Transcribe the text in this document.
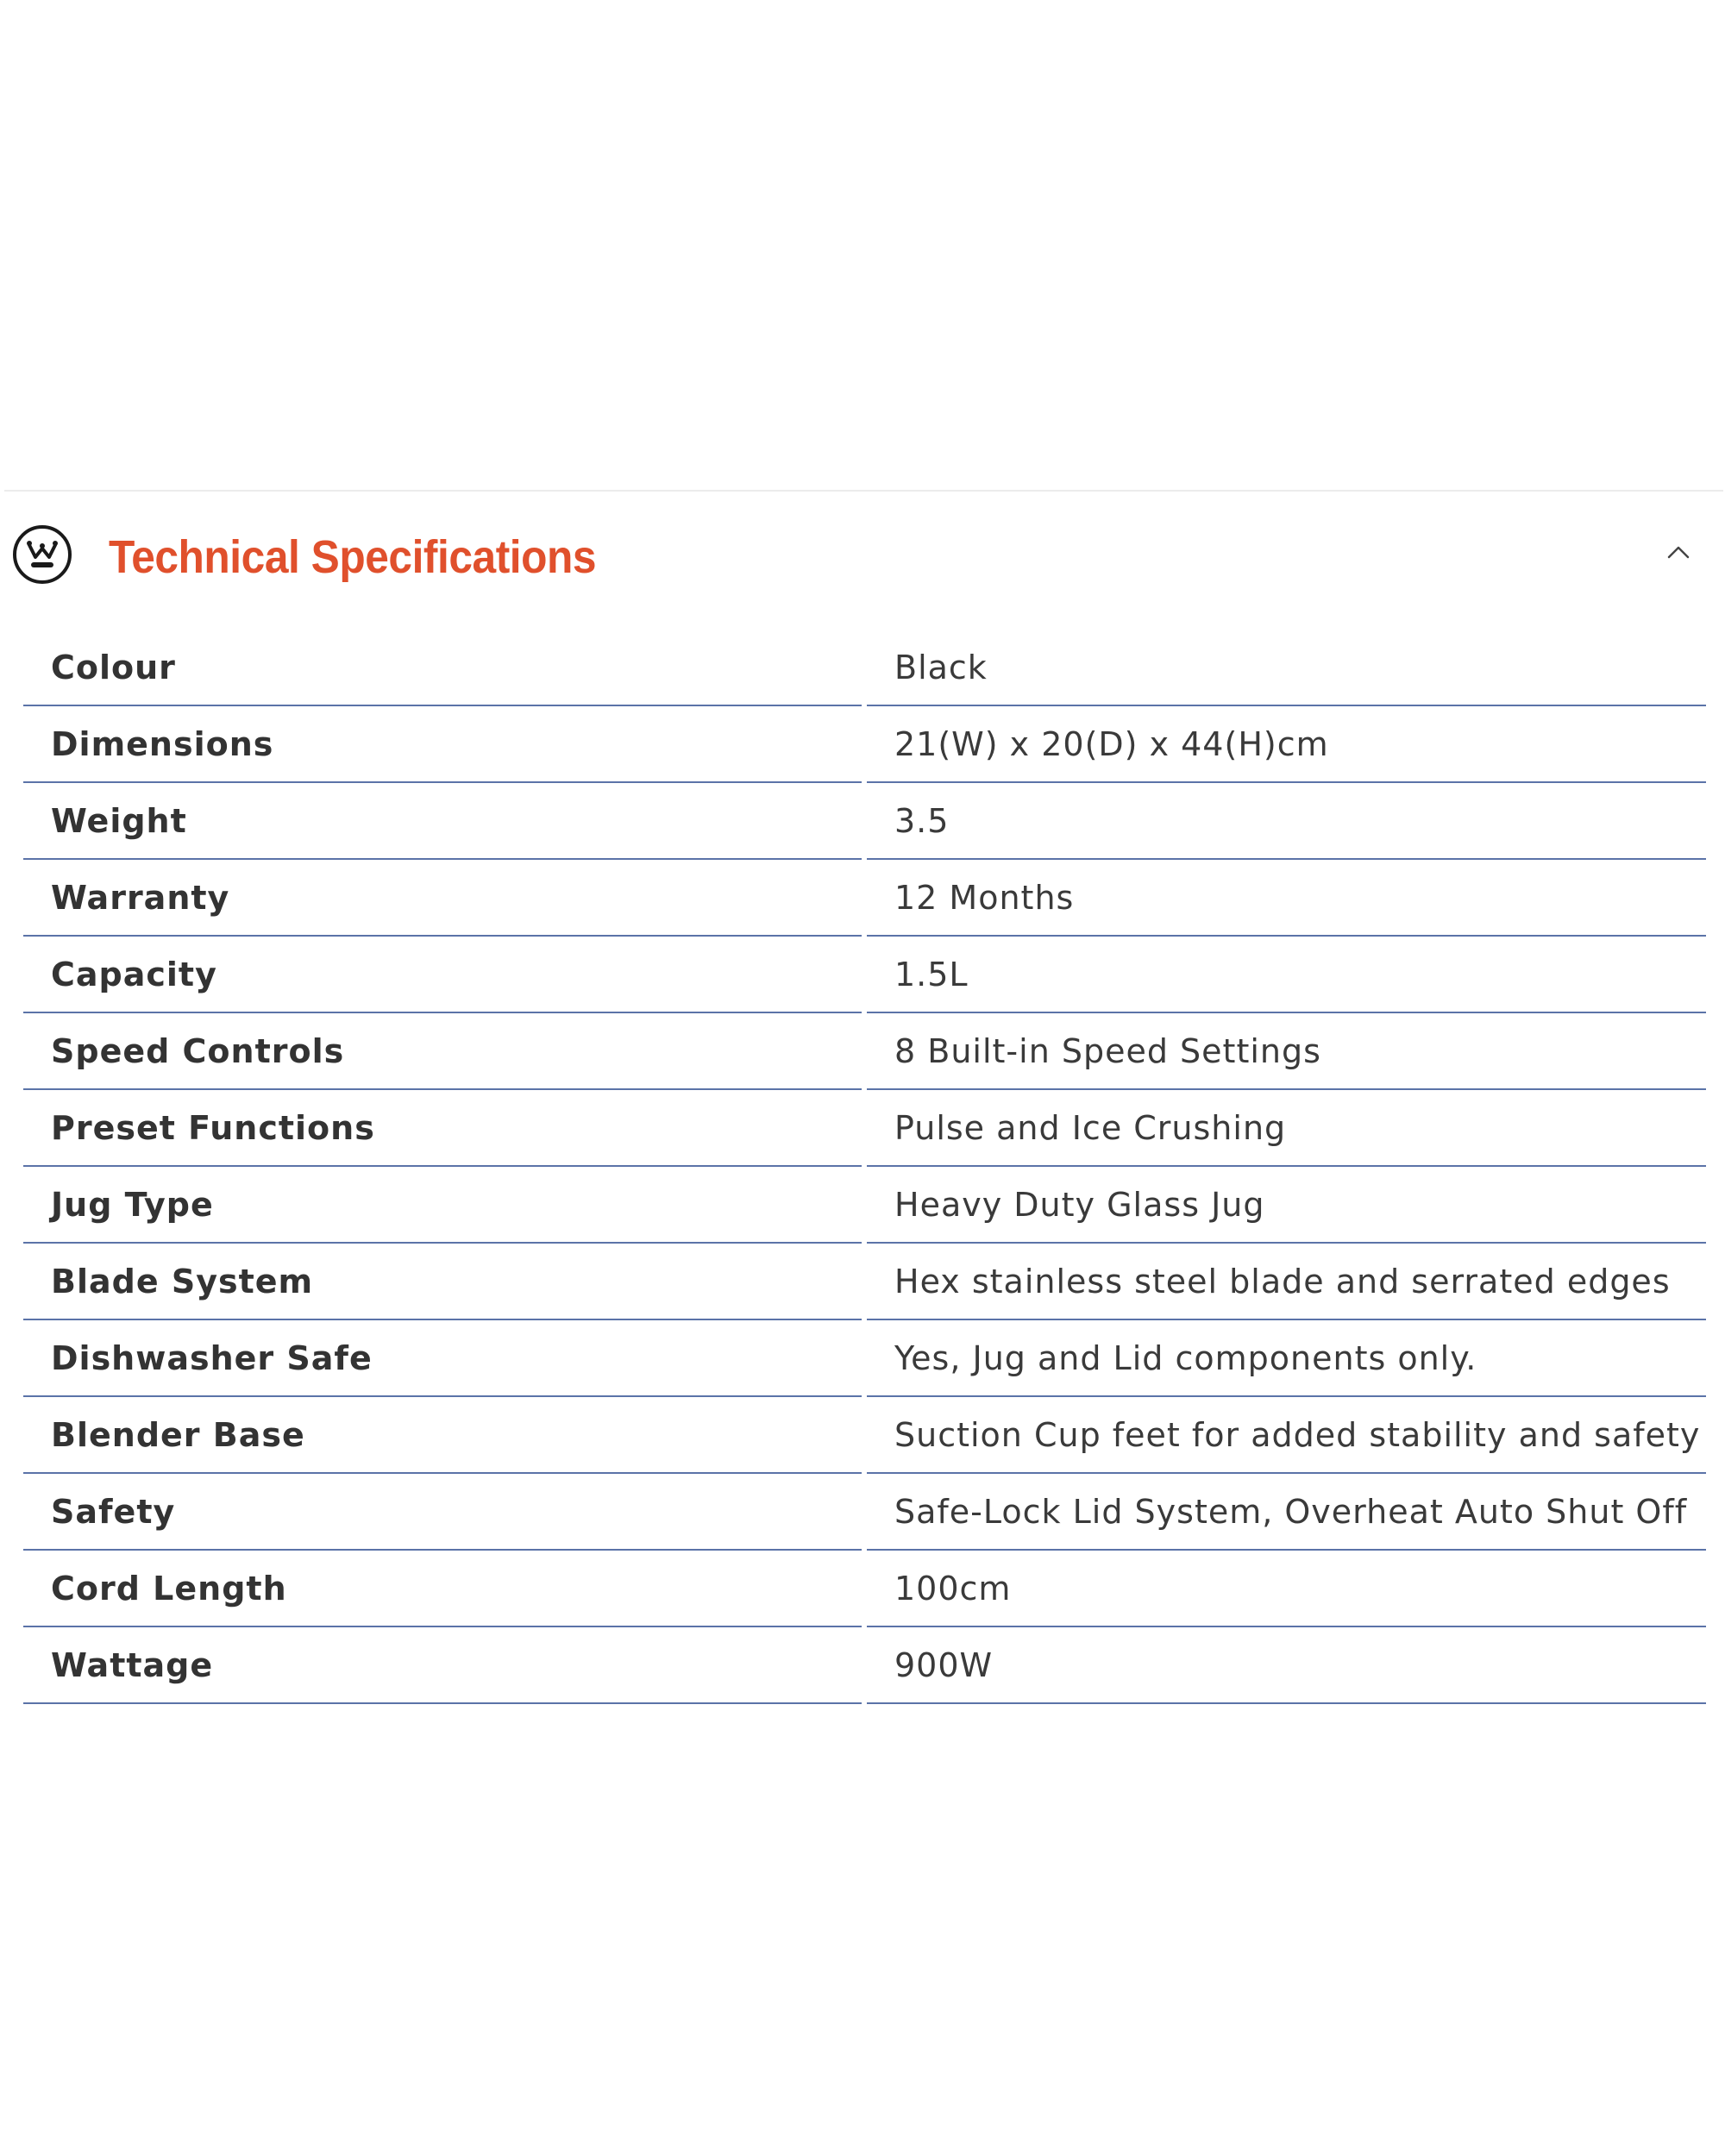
Technical Specifications
Colour	Black
Dimensions	21(W) x 20(D) x 44(H)cm
Weight	3.5
Warranty	12 Months
Capacity	1.5L
Speed Controls	8 Built-in Speed Settings
Preset Functions	Pulse and Ice Crushing
Jug Type	Heavy Duty Glass Jug
Blade System	Hex stainless steel blade and serrated edges
Dishwasher Safe	Yes, Jug and Lid components only.
Blender Base	Suction Cup feet for added stability and safety
Safety	Safe-Lock Lid System, Overheat Auto Shut Off
Cord Length	100cm
Wattage	900W
